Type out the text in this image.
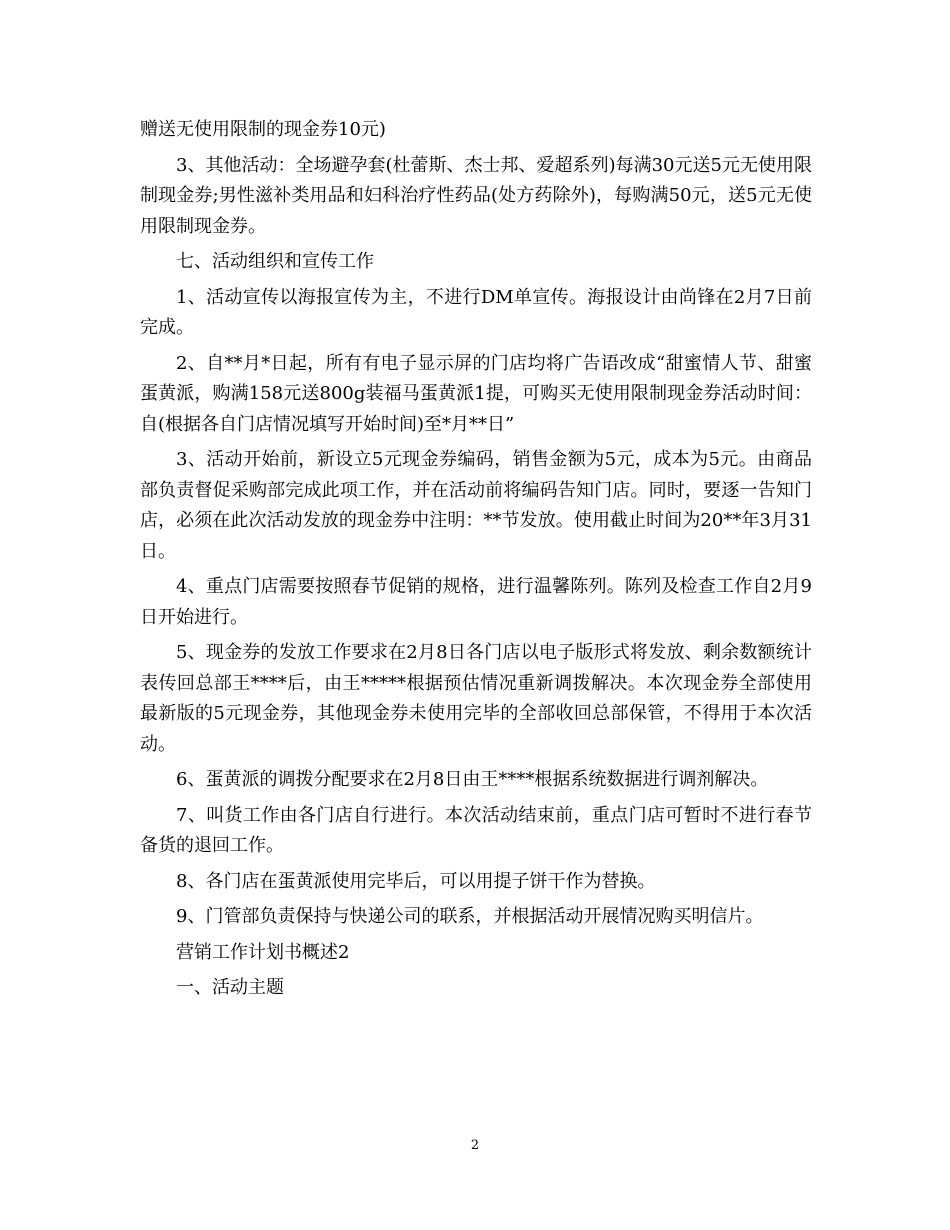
赠送无使用限制的现金券10元)

3、其他活动：全场避孕套(杜蕾斯、杰士邦、爱超系列)每满30元送5元无使用限制现金券;男性滋补类用品和妇科治疗性药品(处方药除外)，每购满50元，送5元无使用限制现金券。

七、活动组织和宣传工作

1、活动宣传以海报宣传为主，不进行DM单宣传。海报设计由尚锋在2月7日前完成。

2、自**月*日起，所有有电子显示屏的门店均将广告语改成“甜蜜情人节、甜蜜蛋黄派，购满158元送800g装福马蛋黄派1提，可购买无使用限制现金券活动时间：自(根据各自门店情况填写开始时间)至*月**日”

3、活动开始前，新设立5元现金券编码，销售金额为5元，成本为5元。由商品部负责督促采购部完成此项工作，并在活动前将编码告知门店。同时，要逐一告知门店，必须在此次活动发放的现金券中注明：**节发放。使用截止时间为20**年3月31日。

4、重点门店需要按照春节促销的规格，进行温馨陈列。陈列及检查工作自2月9日开始进行。

5、现金券的发放工作要求在2月8日各门店以电子版形式将发放、剩余数额统计表传回总部王****后，由王*****根据预估情况重新调拨解决。本次现金券全部使用最新版的5元现金券，其他现金券未使用完毕的全部收回总部保管，不得用于本次活动。

6、蛋黄派的调拨分配要求在2月8日由王****根据系统数据进行调剂解决。

7、叫货工作由各门店自行进行。本次活动结束前，重点门店可暂时不进行春节备货的退回工作。

8、各门店在蛋黄派使用完毕后，可以用提子饼干作为替换。

9、门管部负责保持与快递公司的联系，并根据活动开展情况购买明信片。

营销工作计划书概述2

一、活动主题

2
